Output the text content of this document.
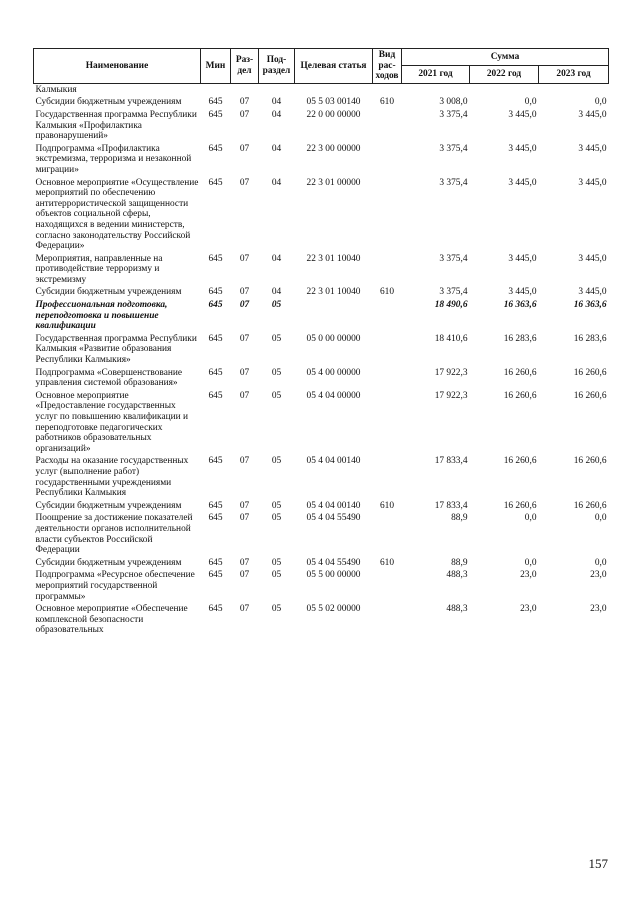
Наименование	Мин	Раз-дел	Под-раздел	Целевая статья	Вид рас-ходов	Сумма		
						2021 год	2022 год	2023 год
Калмыкия								
Субсидии бюджетным учреждениям	645	07	04	05 5 03 00140	610	3 008,0	0,0	0,0
Государственная программа Республики Калмыкия «Профилактика правонарушений»	645	07	04	22 0 00 00000		3 375,4	3 445,0	3 445,0
Подпрограмма «Профилактика экстремизма, терроризма и незаконной миграции»	645	07	04	22 3 00 00000		3 375,4	3 445,0	3 445,0
Основное мероприятие «Осуществление мероприятий по обеспечению антитеррористической защищенности объектов социальной сферы, находящихся в ведении министерств, согласно законодательству Российской Федерации»	645	07	04	22 3 01 00000		3 375,4	3 445,0	3 445,0
Мероприятия, направленные на противодействие терроризму и экстремизму	645	07	04	22 3 01 10040		3 375,4	3 445,0	3 445,0
Субсидии бюджетным учреждениям	645	07	04	22 3 01 10040	610	3 375,4	3 445,0	3 445,0
Профессиональная подготовка, переподготовка и повышение квалификации	645	07	05			18 490,6	16 363,6	16 363,6
Государственная программа Республики Калмыкия «Развитие образования Республики Калмыкия»	645	07	05	05 0 00 00000		18 410,6	16 283,6	16 283,6
Подпрограмма «Совершенствование управления системой образования»	645	07	05	05 4 00 00000		17 922,3	16 260,6	16 260,6
Основное мероприятие «Предоставление государственных услуг по повышению квалификации и переподготовке педагогических работников образовательных организаций»	645	07	05	05 4 04 00000		17 922,3	16 260,6	16 260,6
Расходы на оказание государственных услуг (выполнение работ) государственными учреждениями Республики Калмыкия	645	07	05	05 4 04 00140		17 833,4	16 260,6	16 260,6
Субсидии бюджетным учреждениям	645	07	05	05 4 04 00140	610	17 833,4	16 260,6	16 260,6
Поощрение за достижение показателей деятельности органов исполнительной власти субъектов Российской Федерации	645	07	05	05 4 04 55490		88,9	0,0	0,0
Субсидии бюджетным учреждениям	645	07	05	05 4 04 55490	610	88,9	0,0	0,0
Подпрограмма «Ресурсное обеспечение мероприятий государственной программы»	645	07	05	05 5 00 00000		488,3	23,0	23,0
Основное мероприятие «Обеспечение комплексной безопасности образовательных	645	07	05	05 5 02 00000		488,3	23,0	23,0
157
